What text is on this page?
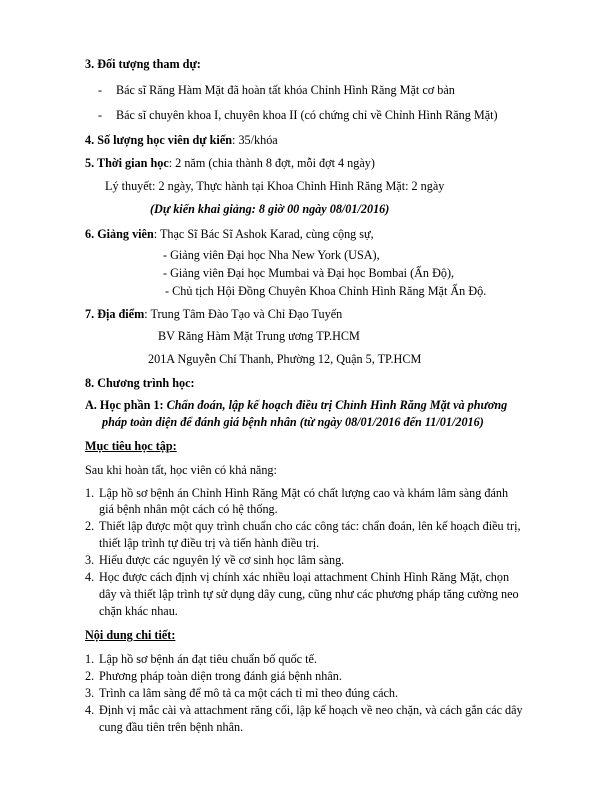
3. Đối tượng tham dự:
- Bác sĩ Răng Hàm Mặt đã hoàn tất khóa Chỉnh Hình Răng Mặt cơ bản
- Bác sĩ chuyên khoa I, chuyên khoa II (có chứng chỉ về Chỉnh Hình Răng Mặt)
4. Số lượng học viên dự kiến: 35/khóa
5. Thời gian học: 2 năm (chia thành 8 đợt, mỗi đợt 4 ngày)
Lý thuyết: 2 ngày, Thực hành tại Khoa Chỉnh Hình Răng Mặt: 2 ngày
(Dự kiến khai giảng: 8 giờ 00 ngày 08/01/2016)
6. Giảng viên: Thạc Sĩ Bác Sĩ Ashok Karad, cùng cộng sự,
- Giảng viên Đại học Nha New York (USA),
- Giảng viên Đại học Mumbai và Đại học Bombai (Ấn Độ),
- Chủ tịch Hội Đồng Chuyên Khoa Chỉnh Hình Răng Mặt Ấn Độ.
7. Địa điểm: Trung Tâm Đào Tạo và Chỉ Đạo Tuyến
BV Răng Hàm Mặt Trung ương TP.HCM
201A Nguyễn Chí Thanh, Phường 12, Quận 5, TP.HCM
8. Chương trình học:
A. Học phần 1: Chẩn đoán, lập kế hoạch điều trị Chỉnh Hình Răng Mặt và phương
pháp toàn diện để đánh giá bệnh nhân (từ ngày 08/01/2016 đến 11/01/2016)
Mục tiêu học tập:
Sau khi hoàn tất, học viên có khả năng:
1. Lập hồ sơ bệnh án Chỉnh Hình Răng Mặt có chất lượng cao và khám lâm sàng đánh
giá bệnh nhân một cách có hệ thống.
2. Thiết lập được một quy trình chuẩn cho các công tác: chẩn đoán, lên kế hoạch điều trị,
thiết lập trình tự điều trị và tiến hành điều trị.
3. Hiểu được các nguyên lý về cơ sinh học lâm sàng.
4. Học được cách định vị chính xác nhiều loại attachment Chỉnh Hình Răng Mặt, chọn
dây và thiết lập trình tự sử dụng dây cung, cũng như các phương pháp tăng cường neo
chặn khác nhau.
Nội dung chi tiết:
1. Lập hồ sơ bệnh án đạt tiêu chuẩn bố quốc tế.
2. Phương pháp toàn diện trong đánh giá bệnh nhân.
3. Trình ca lâm sàng để mô tả ca một cách tỉ mỉ theo đúng cách.
4. Định vị mắc cài và attachment răng cối, lập kế hoạch về neo chặn, và cách gắn các dây
cung đầu tiên trên bệnh nhân.
